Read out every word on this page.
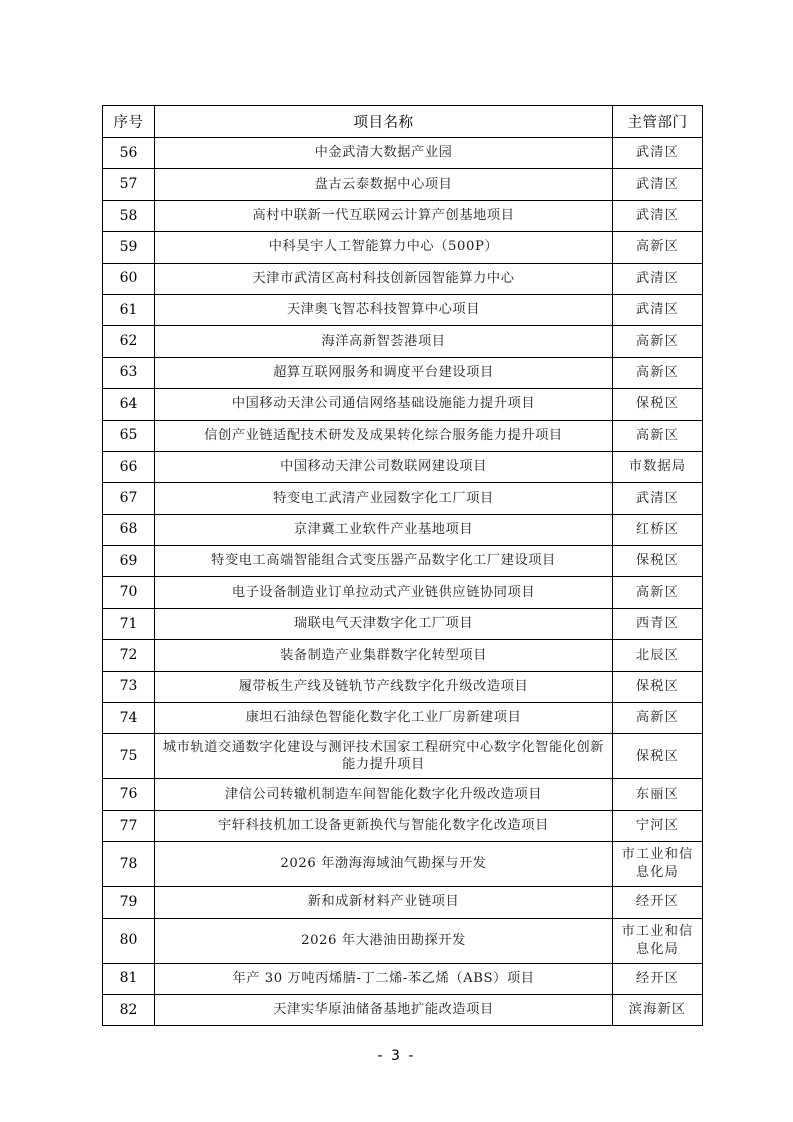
序号	项目名称	主管部门

56	中金武清大数据产业园	武清区

57	盘古云泰数据中心项目	武清区

58	高村中联新一代互联网云计算产创基地项目	武清区

59	中科昊宇人工智能算力中心（500P）	高新区

60	天津市武清区高村科技创新园智能算力中心	武清区

61	天津奥飞智芯科技智算中心项目	武清区

62	海洋高新智荟港项目	高新区

63	超算互联网服务和调度平台建设项目	高新区

64	中国移动天津公司通信网络基础设施能力提升项目	保税区

65	信创产业链适配技术研发及成果转化综合服务能力提升项目	高新区

66	中国移动天津公司数联网建设项目	市数据局

67	特变电工武清产业园数字化工厂项目	武清区

68	京津冀工业软件产业基地项目	红桥区

69	特变电工高端智能组合式变压器产品数字化工厂建设项目	保税区

70	电子设备制造业订单拉动式产业链供应链协同项目	高新区

71	瑞联电气天津数字化工厂项目	西青区

72	装备制造产业集群数字化转型项目	北辰区

73	履带板生产线及链轨节产线数字化升级改造项目	保税区

74	康坦石油绿色智能化数字化工业厂房新建项目	高新区

75	城市轨道交通数字化建设与测评技术国家工程研究中心数字化智能化创新能力提升项目	保税区

76	津信公司转辙机制造车间智能化数字化升级改造项目	东丽区

77	宇轩科技机加工设备更新换代与智能化数字化改造项目	宁河区

78	2026 年渤海海域油气勘探与开发	市工业和信息化局

79	新和成新材料产业链项目	经开区

80	2026 年大港油田勘探开发	市工业和信息化局

81	年产 30 万吨丙烯腈-丁二烯-苯乙烯（ABS）项目	经开区

82	天津实华原油储备基地扩能改造项目	滨海新区
- 3 -
